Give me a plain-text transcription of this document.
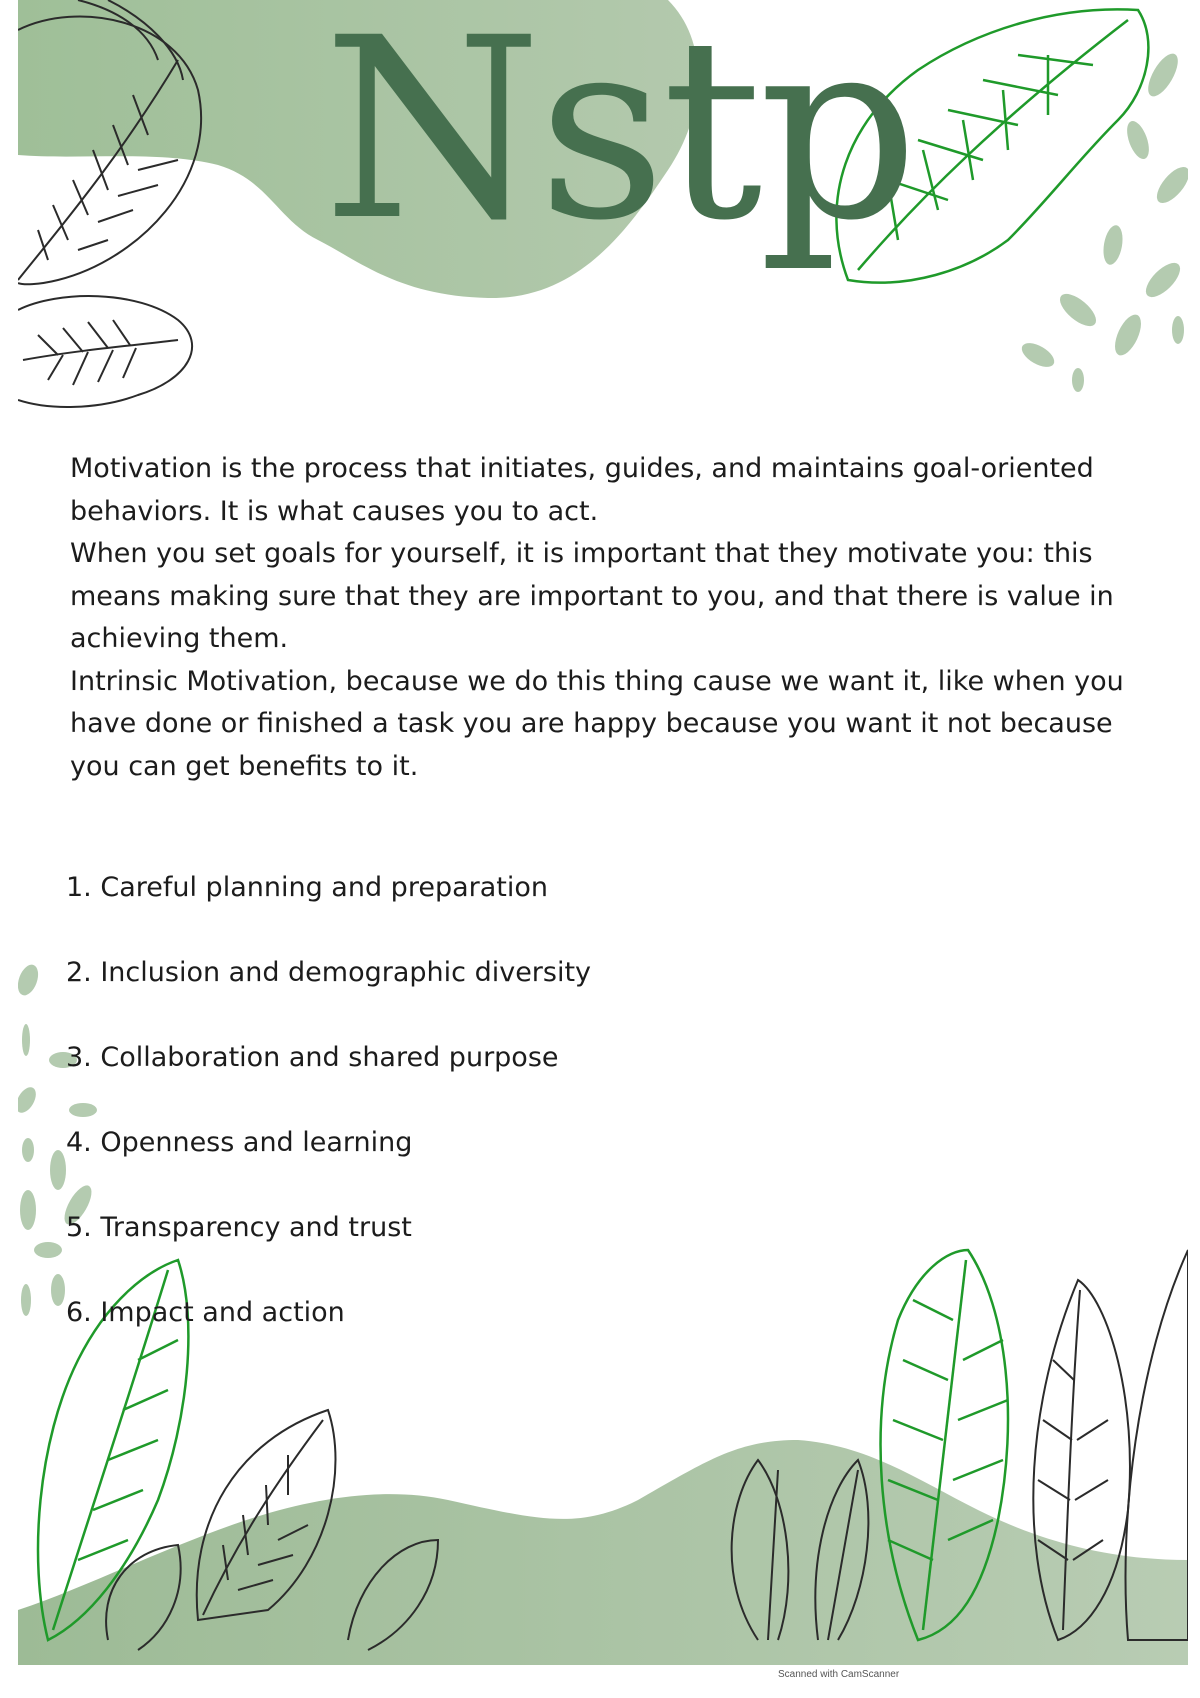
Nstp

Motivation is the process that initiates, guides, and maintains goal-oriented behaviors. It is what causes you to act.

When you set goals for yourself, it is important that they motivate you: this means making sure that they are important to you, and that there is value in achieving them.

Intrinsic Motivation, because we do this thing cause we want it, like when you have done or finished a task you are happy because you want it not because you can get benefits to it.

1. Careful planning and preparation
2. Inclusion and demographic diversity
3. Collaboration and shared purpose
4. Openness and learning
5. Transparency and trust
6. Impact and action
Scanned with CamScanner
